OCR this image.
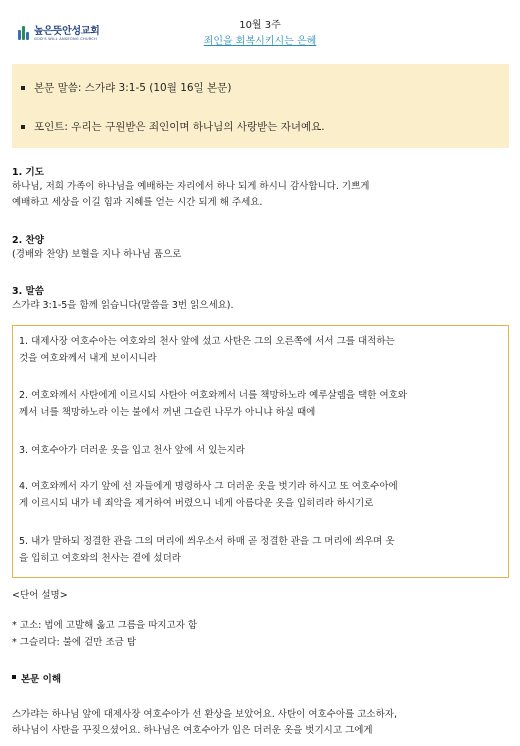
높은뜻안성교회
GOD'S WILL ANSEONG CHURCH
10월 3주
죄인을 회복시키시는 은혜
본문 말씀: 스가랴 3:1-5 (10월 16일 본문)
포인트: 우리는 구원받은 죄인이며 하나님의 사랑받는 자녀예요.
1. 기도
하나님, 저희 가족이 하나님을 예배하는 자리에서 하나 되게 하시니 감사합니다. 기쁘게
예배하고 세상을 이길 힘과 지혜를 얻는 시간 되게 해 주세요.
2. 찬양
(경배와 찬양) 보혈을 지나 하나님 품으로
3. 말씀
스가랴 3:1-5을 함께 읽습니다(말씀을 3번 읽으세요).
1. 대제사장 여호수아는 여호와의 천사 앞에 섰고 사탄은 그의 오른쪽에 서서 그를 대적하는
것을 여호와께서 내게 보이시니라
2. 여호와께서 사탄에게 이르시되 사탄아 여호와께서 너를 책망하노라 예루살렘을 택한 여호와
께서 너를 책망하노라 이는 불에서 꺼낸 그슬린 나무가 아니냐 하실 때에
3. 여호수아가 더러운 옷을 입고 천사 앞에 서 있는지라
4. 여호와께서 자기 앞에 선 자들에게 명령하사 그 더러운 옷을 벗기라 하시고 또 여호수아에
게 이르시되 내가 네 죄악을 제거하여 버렸으니 네게 아름다운 옷을 입히리라 하시기로
5. 내가 말하되 정결한 관을 그의 머리에 씌우소서 하매 곧 정결한 관을 그 머리에 씌우며 옷
을 입히고 여호와의 천사는 곁에 섰더라
<단어 설명>
* 고소: 법에 고발해 옳고 그름을 따지고자 함
* 그슬리다: 불에 겉만 조금 탐
본문 이해
스가랴는 하나님 앞에 대제사장 여호수아가 선 환상을 보았어요. 사탄이 여호수아를 고소하자,
하나님이 사탄을 꾸짖으셨어요. 하나님은 여호수아가 입은 더러운 옷을 벗기시고 그에게
